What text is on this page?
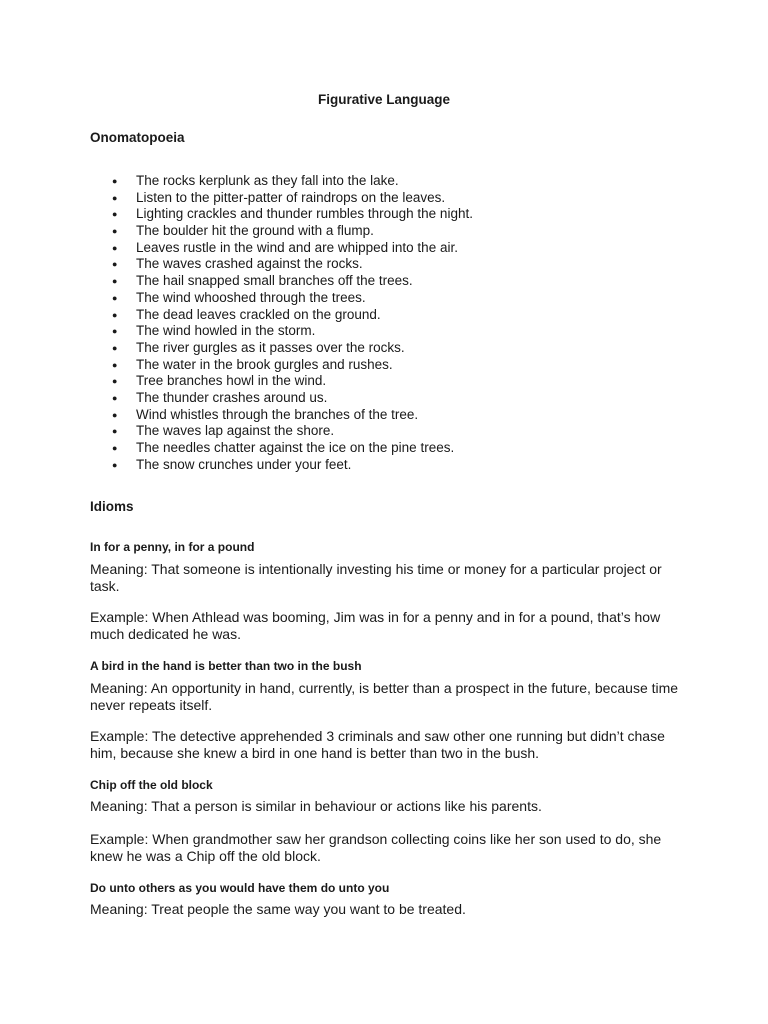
Figurative Language
Onomatopoeia
● The rocks kerplunk as they fall into the lake.
● Listen to the pitter-patter of raindrops on the leaves.
● Lighting crackles and thunder rumbles through the night.
● The boulder hit the ground with a flump.
● Leaves rustle in the wind and are whipped into the air.
● The waves crashed against the rocks.
● The hail snapped small branches off the trees.
● The wind whooshed through the trees.
● The dead leaves crackled on the ground.
● The wind howled in the storm.
● The river gurgles as it passes over the rocks.
● The water in the brook gurgles and rushes.
● Tree branches howl in the wind.
● The thunder crashes around us.
● Wind whistles through the branches of the tree.
● The waves lap against the shore.
● The needles chatter against the ice on the pine trees.
● The snow crunches under your feet.
Idioms
In for a penny, in for a pound
Meaning: That someone is intentionally investing his time or money for a particular project or task.
Example: When Athlead was booming, Jim was in for a penny and in for a pound, that’s how much dedicated he was.
A bird in the hand is better than two in the bush
Meaning: An opportunity in hand, currently, is better than a prospect in the future, because time never repeats itself.
Example: The detective apprehended 3 criminals and saw other one running but didn’t chase him, because she knew a bird in one hand is better than two in the bush.
Chip off the old block
Meaning: That a person is similar in behaviour or actions like his parents.
Example: When grandmother saw her grandson collecting coins like her son used to do, she knew he was a Chip off the old block.
Do unto others as you would have them do unto you
Meaning: Treat people the same way you want to be treated.
